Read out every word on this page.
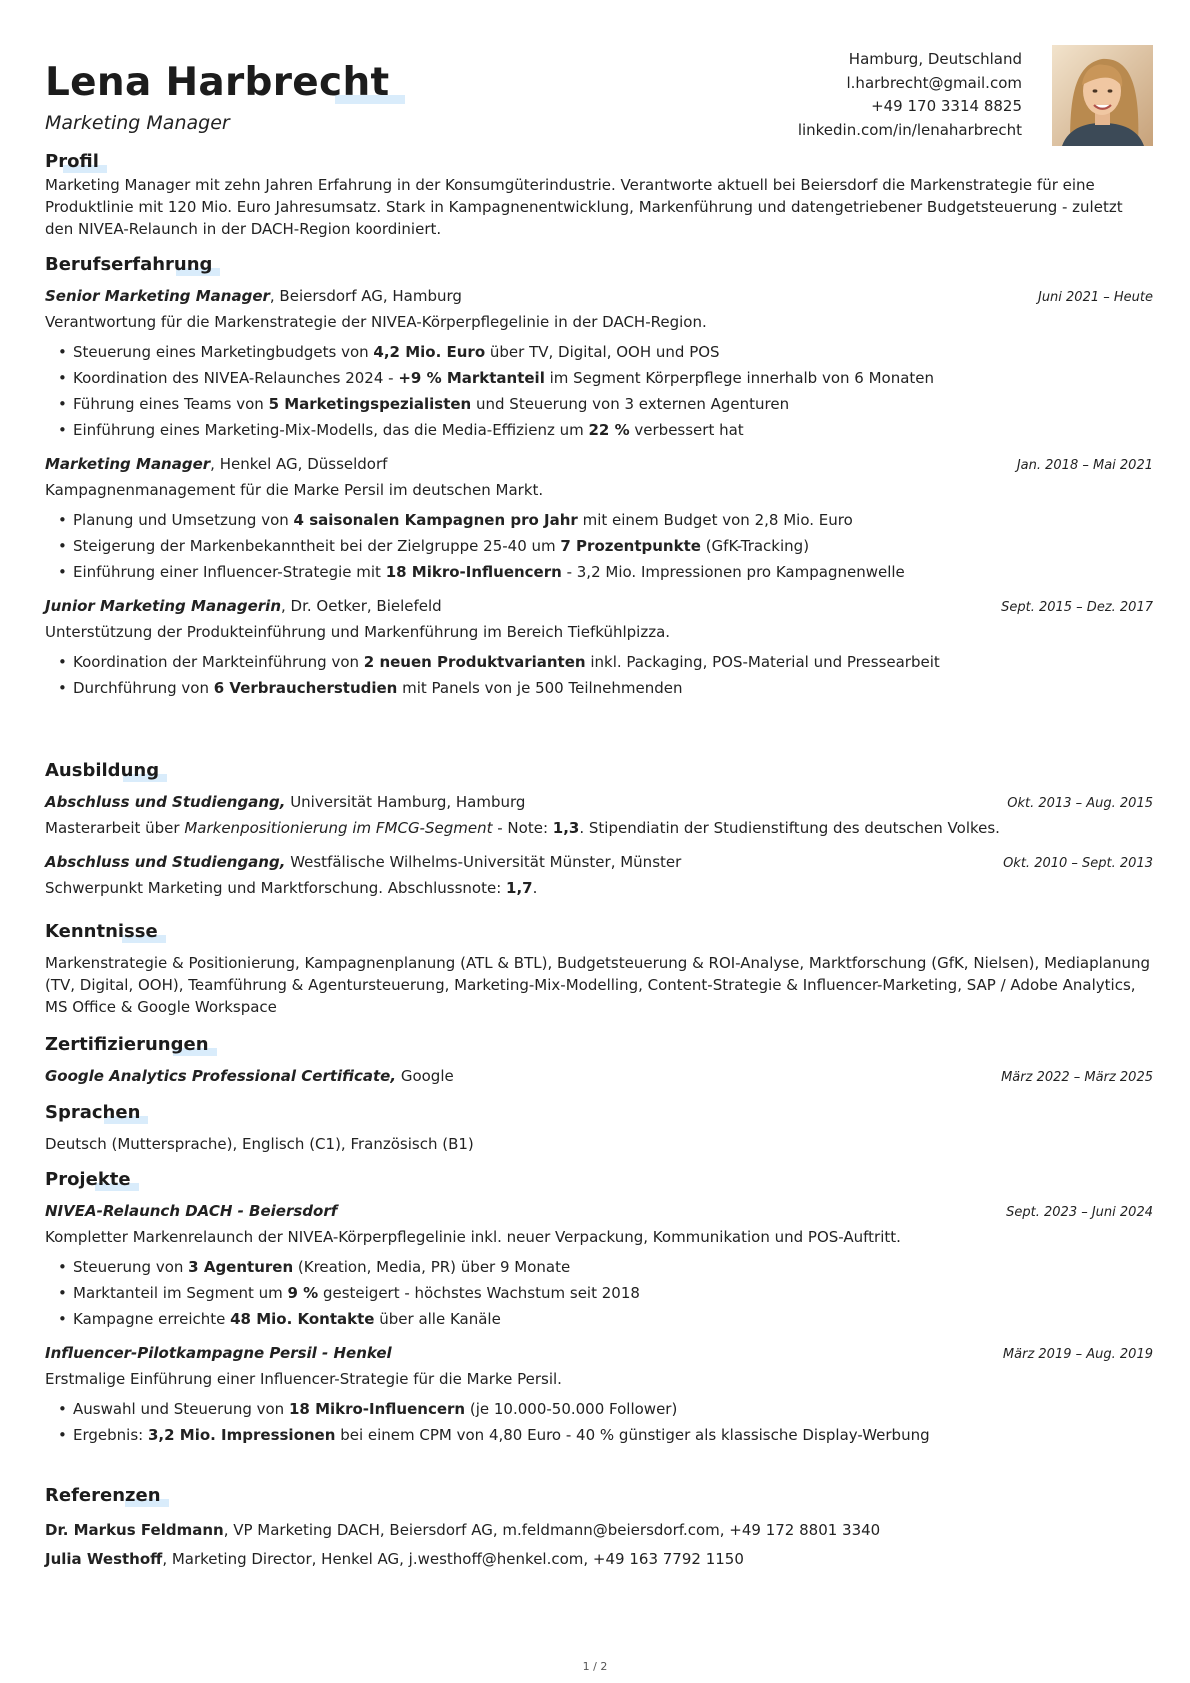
Lena Harbrecht
Marketing Manager
Hamburg, Deutschland
l.harbrecht@gmail.com
+49 170 3314 8825
linkedin.com/in/lenaharbrecht
Profil

Marketing Manager mit zehn Jahren Erfahrung in der Konsumgüterindustrie. Verantworte aktuell bei Beiersdorf die Markenstrategie für eine Produktlinie mit 120 Mio. Euro Jahresumsatz. Stark in Kampagnenentwicklung, Markenführung und datengetriebener Budgetsteuerung - zuletzt den NIVEA-Relaunch in der DACH-Region koordiniert.

Berufserfahrung
Senior Marketing Manager, Beiersdorf AG, Hamburg	Juni 2021 – Heute

Verantwortung für die Markenstrategie der NIVEA-Körperpflegelinie in der DACH-Region.

• Steuerung eines Marketingbudgets von 4,2 Mio. Euro über TV, Digital, OOH und POS
• Koordination des NIVEA-Relaunches 2024 - +9 % Marktanteil im Segment Körperpflege innerhalb von 6 Monaten
• Führung eines Teams von 5 Marketingspezialisten und Steuerung von 3 externen Agenturen
• Einführung eines Marketing-Mix-Modells, das die Media-Effizienz um 22 % verbessert hat
Marketing Manager, Henkel AG, Düsseldorf	Jan. 2018 – Mai 2021

Kampagnenmanagement für die Marke Persil im deutschen Markt.

• Planung und Umsetzung von 4 saisonalen Kampagnen pro Jahr mit einem Budget von 2,8 Mio. Euro
• Steigerung der Markenbekanntheit bei der Zielgruppe 25-40 um 7 Prozentpunkte (GfK-Tracking)
• Einführung einer Influencer-Strategie mit 18 Mikro-Influencern - 3,2 Mio. Impressionen pro Kampagnenwelle
Junior Marketing Managerin, Dr. Oetker, Bielefeld	Sept. 2015 – Dez. 2017

Unterstützung der Produkteinführung und Markenführung im Bereich Tiefkühlpizza.

• Koordination der Markteinführung von 2 neuen Produktvarianten inkl. Packaging, POS-Material und Pressearbeit
• Durchführung von 6 Verbraucherstudien mit Panels von je 500 Teilnehmenden
Ausbildung
Abschluss und Studiengang, Universität Hamburg, Hamburg	Okt. 2013 – Aug. 2015

Masterarbeit über Markenpositionierung im FMCG-Segment - Note: 1,3. Stipendiatin der Studienstiftung des deutschen Volkes.

Abschluss und Studiengang, Westfälische Wilhelms-Universität Münster, Münster	Okt. 2010 – Sept. 2013

Schwerpunkt Marketing und Marktforschung. Abschlussnote: 1,7.

Kenntnisse

Markenstrategie & Positionierung, Kampagnenplanung (ATL & BTL), Budgetsteuerung & ROI-Analyse, Marktforschung (GfK, Nielsen), Mediaplanung (TV, Digital, OOH), Teamführung & Agentursteuerung, Marketing-Mix-Modelling, Content-Strategie & Influencer-Marketing, SAP / Adobe Analytics, MS Office & Google Workspace

Zertifizierungen
Google Analytics Professional Certificate, Google	März 2022 – März 2025
Sprachen

Deutsch (Muttersprache), Englisch (C1), Französisch (B1)

Projekte
NIVEA-Relaunch DACH - Beiersdorf	Sept. 2023 – Juni 2024

Kompletter Markenrelaunch der NIVEA-Körperpflegelinie inkl. neuer Verpackung, Kommunikation und POS-Auftritt.

• Steuerung von 3 Agenturen (Kreation, Media, PR) über 9 Monate
• Marktanteil im Segment um 9 % gesteigert - höchstes Wachstum seit 2018
• Kampagne erreichte 48 Mio. Kontakte über alle Kanäle
Influencer-Pilotkampagne Persil - Henkel	März 2019 – Aug. 2019

Erstmalige Einführung einer Influencer-Strategie für die Marke Persil.

• Auswahl und Steuerung von 18 Mikro-Influencern (je 10.000-50.000 Follower)
• Ergebnis: 3,2 Mio. Impressionen bei einem CPM von 4,80 Euro - 40 % günstiger als klassische Display-Werbung
Referenzen

Dr. Markus Feldmann, VP Marketing DACH, Beiersdorf AG, m.feldmann@beiersdorf.com, +49 172 8801 3340

Julia Westhoff, Marketing Director, Henkel AG, j.westhoff@henkel.com, +49 163 7792 1150

1 / 2
